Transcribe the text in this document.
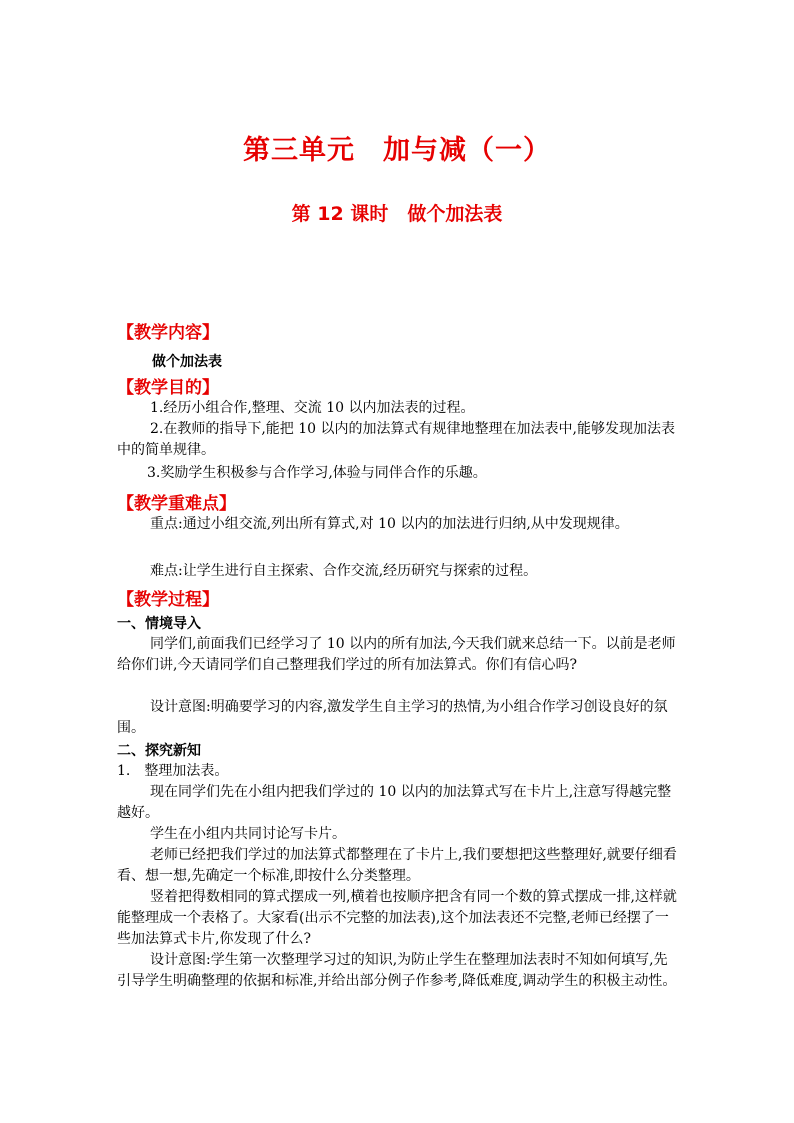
第三单元　加与减（一）
第 12 课时　做个加法表
【教学内容】
做个加法表
【教学目的】
1.经历小组合作,整理、交流 10 以内加法表的过程。
2.在教师的指导下,能把 10 以内的加法算式有规律地整理在加法表中,能够发现加法表中的简单规律。
3.奖励学生积极参与合作学习,体验与同伴合作的乐趣。
【教学重难点】
重点:通过小组交流,列出所有算式,对 10 以内的加法进行归纳,从中发现规律。
难点:让学生进行自主探索、合作交流,经历研究与探索的过程。
【教学过程】
一、情境导入
同学们,前面我们已经学习了 10 以内的所有加法,今天我们就来总结一下。以前是老师给你们讲,今天请同学们自己整理我们学过的所有加法算式。你们有信心吗?
设计意图:明确要学习的内容,激发学生自主学习的热情,为小组合作学习创设良好的氛围。
二、探究新知
1.　整理加法表。
现在同学们先在小组内把我们学过的 10 以内的加法算式写在卡片上,注意写得越完整越好。
学生在小组内共同讨论写卡片。
老师已经把我们学过的加法算式都整理在了卡片上,我们要想把这些整理好,就要仔细看看、想一想,先确定一个标准,即按什么分类整理。
竖着把得数相同的算式摆成一列,横着也按顺序把含有同一个数的算式摆成一排,这样就能整理成一个表格了。大家看(出示不完整的加法表),这个加法表还不完整,老师已经摆了一些加法算式卡片,你发现了什么?
设计意图:学生第一次整理学习过的知识,为防止学生在整理加法表时不知如何填写,先引导学生明确整理的依据和标准,并给出部分例子作参考,降低难度,调动学生的积极主动性。
